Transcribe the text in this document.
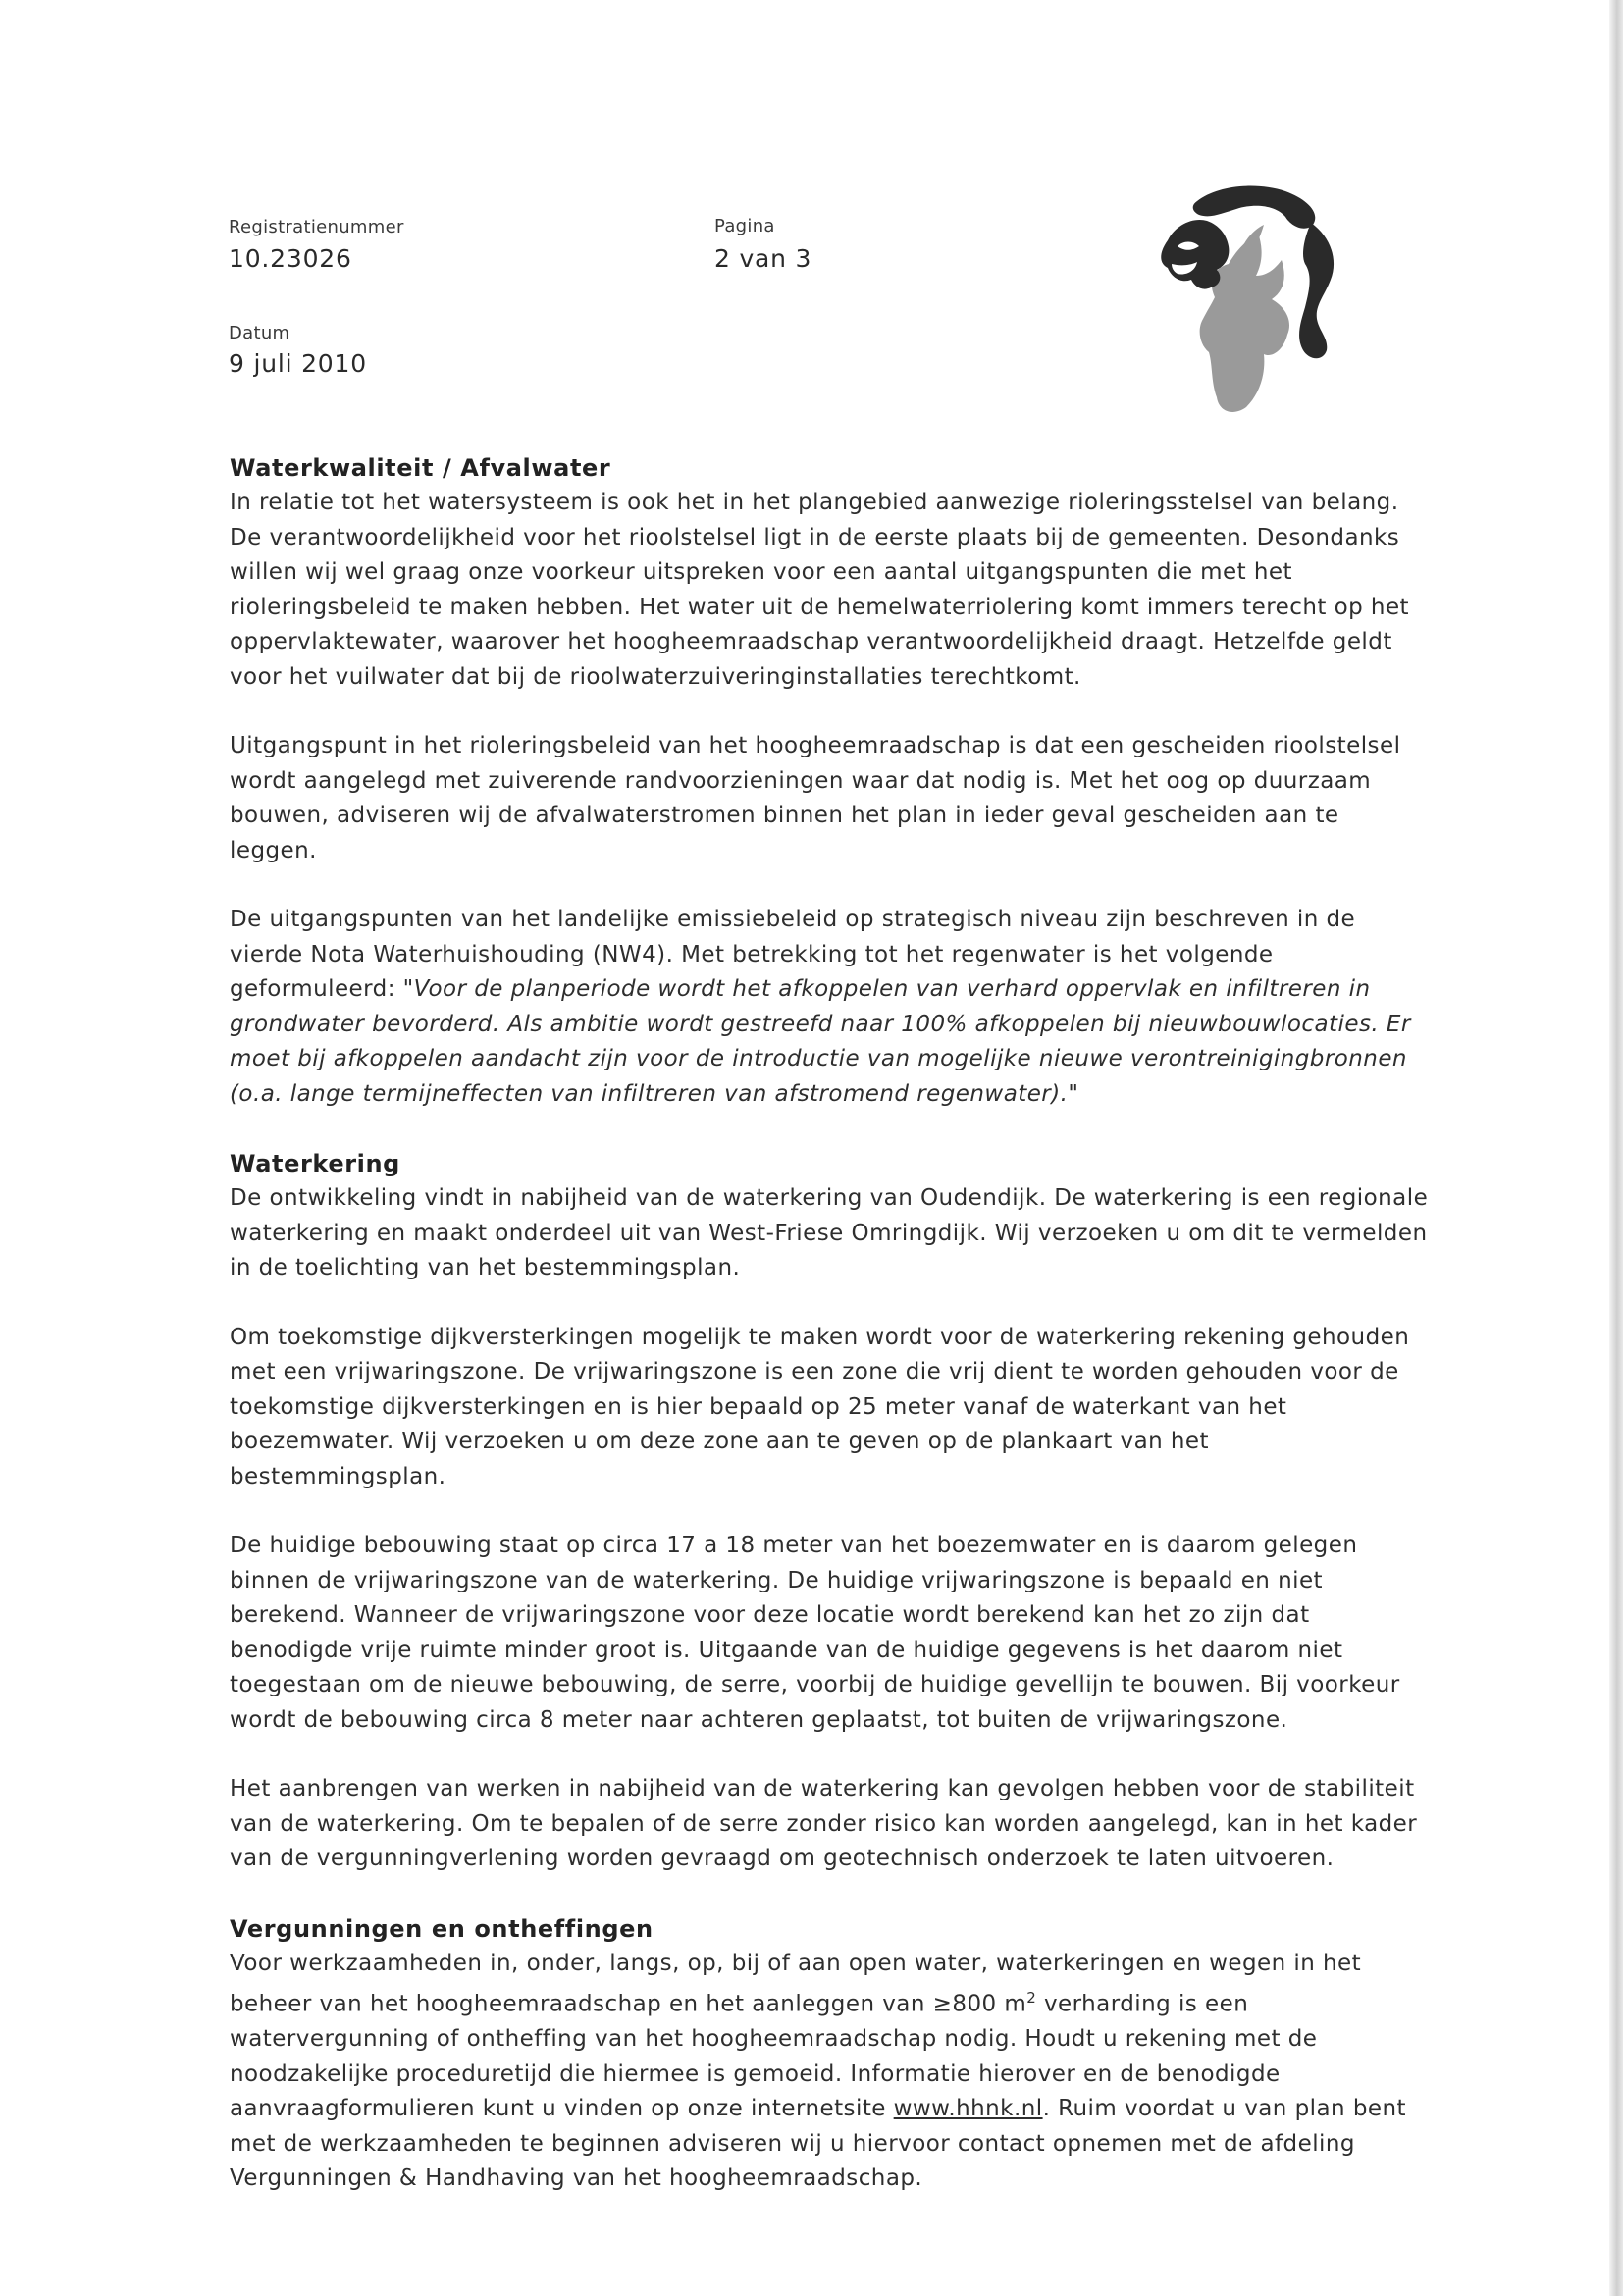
Registratienummer
10.23026
Pagina
2 van 3
Datum
9 juli 2010
Waterkwaliteit / Afvalwater

In relatie tot het watersysteem is ook het in het plangebied aanwezige rioleringsstelsel van belang. De verantwoordelijkheid voor het rioolstelsel ligt in de eerste plaats bij de gemeenten. Desondanks willen wij wel graag onze voorkeur uitspreken voor een aantal uitgangspunten die met het rioleringsbeleid te maken hebben. Het water uit de hemelwaterriolering komt immers terecht op het oppervlaktewater, waarover het hoogheemraadschap verantwoordelijkheid draagt. Hetzelfde geldt voor het vuilwater dat bij de rioolwaterzuiveringinstallaties terechtkomt.

Uitgangspunt in het rioleringsbeleid van het hoogheemraadschap is dat een gescheiden rioolstelsel wordt aangelegd met zuiverende randvoorzieningen waar dat nodig is. Met het oog op duurzaam bouwen, adviseren wij de afvalwaterstromen binnen het plan in ieder geval gescheiden aan te leggen.

De uitgangspunten van het landelijke emissiebeleid op strategisch niveau zijn beschreven in de vierde Nota Waterhuishouding (NW4). Met betrekking tot het regenwater is het volgende geformuleerd: "Voor de planperiode wordt het afkoppelen van verhard oppervlak en infiltreren in grondwater bevorderd. Als ambitie wordt gestreefd naar 100% afkoppelen bij nieuwbouwlocaties. Er moet bij afkoppelen aandacht zijn voor de introductie van mogelijke nieuwe verontreinigingbronnen (o.a. lange termijneffecten van infiltreren van afstromend regenwater)."

Waterkering

De ontwikkeling vindt in nabijheid van de waterkering van Oudendijk. De waterkering is een regionale waterkering en maakt onderdeel uit van West-Friese Omringdijk. Wij verzoeken u om dit te vermelden in de toelichting van het bestemmingsplan.

Om toekomstige dijkversterkingen mogelijk te maken wordt voor de waterkering rekening gehouden met een vrijwaringszone. De vrijwaringszone is een zone die vrij dient te worden gehouden voor de toekomstige dijkversterkingen en is hier bepaald op 25 meter vanaf de waterkant van het boezemwater. Wij verzoeken u om deze zone aan te geven op de plankaart van het bestemmingsplan.

De huidige bebouwing staat op circa 17 a 18 meter van het boezemwater en is daarom gelegen binnen de vrijwaringszone van de waterkering. De huidige vrijwaringszone is bepaald en niet berekend. Wanneer de vrijwaringszone voor deze locatie wordt berekend kan het zo zijn dat benodigde vrije ruimte minder groot is. Uitgaande van de huidige gegevens is het daarom niet toegestaan om de nieuwe bebouwing, de serre, voorbij de huidige gevellijn te bouwen. Bij voorkeur wordt de bebouwing circa 8 meter naar achteren geplaatst, tot buiten de vrijwaringszone.

Het aanbrengen van werken in nabijheid van de waterkering kan gevolgen hebben voor de stabiliteit van de waterkering. Om te bepalen of de serre zonder risico kan worden aangelegd, kan in het kader van de vergunningverlening worden gevraagd om geotechnisch onderzoek te laten uitvoeren.

Vergunningen en ontheffingen

Voor werkzaamheden in, onder, langs, op, bij of aan open water, waterkeringen en wegen in het beheer van het hoogheemraadschap en het aanleggen van ≥800 $m^2$ verharding is een watervergunning of ontheffing van het hoogheemraadschap nodig. Houdt u rekening met de noodzakelijke proceduretijd die hiermee is gemoeid. Informatie hierover en de benodigde aanvraagformulieren kunt u vinden op onze internetsite www.hhnk.nl. Ruim voordat u van plan bent met de werkzaamheden te beginnen adviseren wij u hiervoor contact opnemen met de afdeling Vergunningen & Handhaving van het hoogheemraadschap.
